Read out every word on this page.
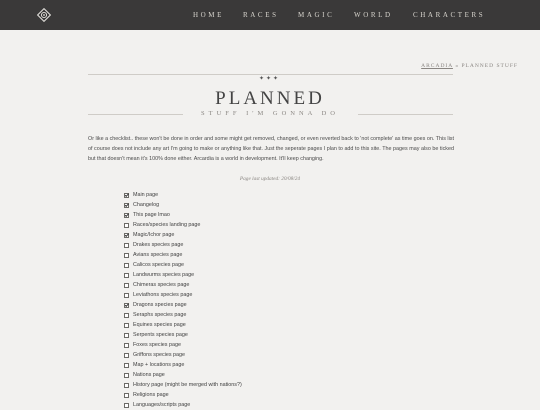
HOME	RACES	MAGIC	WORLD	CHARACTERS
ARCADIA » PLANNED STUFF
✦✦✦
PLANNED
STUFF I'M GONNA DO

Or like a checklist.. these won't be done in order and some might get removed, changed, or even reverted back to 'not complete' as time goes on. This list of course does not include any art I'm going to make or anything like that. Just the seperate pages I plan to add to this site. The pages may also be ticked but that doesn't mean it's 100% done either. Arcardia is a world in development. It'll keep changing.

Page last updated: 20/08/24
Main page
Changelog
This page lmao
Races/species landing page
Magic/Ichor page
Drakes species page
Avians species page
Calicos species page
Landwurms species page
Chimeras species page
Leviathons species page
Dragons species page
Seraphs species page
Equines species page
Serpents species page
Foxes species page
Griffons species page
Map + locations page
Nations page
History page (might be merged with nations?)
Religions page
Languages/scripts page
